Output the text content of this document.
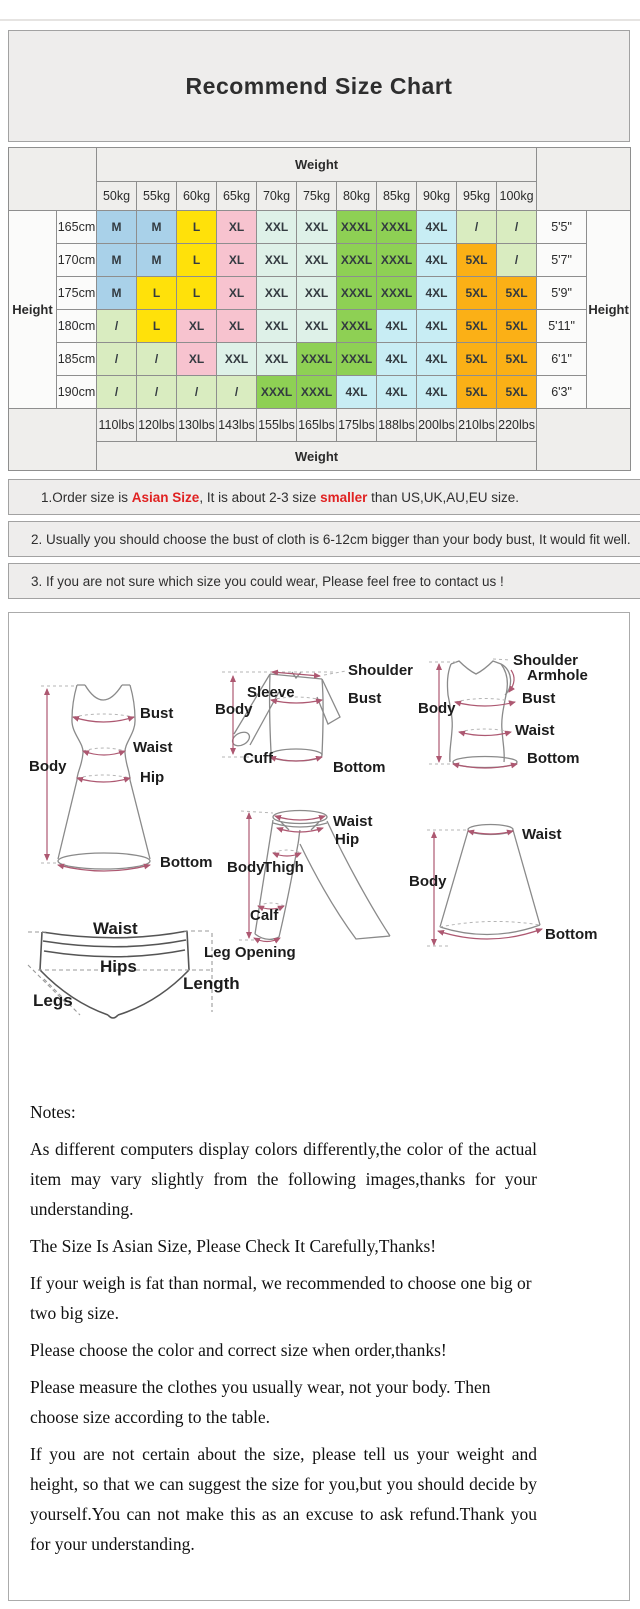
Recommend Size Chart
		Weight												
		50kg	55kg	60kg	65kg	70kg	75kg	80kg	85kg	90kg	95kg	100kg		
Height	165cm	M	M	L	XL	XXL	XXL	XXXL	XXXL	4XL	/	/	5'5"	Height
	170cm	M	M	L	XL	XXL	XXL	XXXL	XXXL	4XL	5XL	/	5'7"	
	175cm	M	L	L	XL	XXL	XXL	XXXL	XXXL	4XL	5XL	5XL	5'9"	
	180cm	/	L	XL	XL	XXL	XXL	XXXL	4XL	4XL	5XL	5XL	5'11"	
	185cm	/	/	XL	XXL	XXL	XXXL	XXXL	4XL	4XL	5XL	5XL	6'1"	
	190cm	/	/	/	/	XXXL	XXXL	4XL	4XL	4XL	5XL	5XL	6'3"	
		110lbs	120lbs	130lbs	143lbs	155lbs	165lbs	175lbs	188lbs	200lbs	210lbs	220lbs		
		Weight												
1.Order size is Asian Size, It is about 2-3 size smaller than US,UK,AU,EU size.
2. Usually you should choose the bust of cloth is 6-12cm bigger than your body bust, It would fit well.
3. If you are not sure which size you could wear, Please feel free to contact us !
Body
Bust
Waist
Hip
Bottom
Sleeve
Body
Cuff
Shoulder
Bust
Bottom
Shoulder
Armhole
Body
Bust
Waist
Bottom
Waist
Hip
Body
Thigh
Calf
Leg Opening
Waist
Body
Bottom
Waist
Hips
Legs
Length

Notes:

As different computers display colors differently,the color of the actual item may vary slightly from the following images,thanks for your understanding.

The Size Is Asian Size, Please Check It Carefully,Thanks!

If your weigh is fat than normal, we recommended to choose one big or two big size.

Please choose the color and correct size when order,thanks!

Please measure the clothes you usually wear, not your body. Then choose size according to the table.

If you are not certain about the size, please tell us your weight and height, so that we can suggest the size for you,but you should decide by yourself.You can not make this as an excuse to ask refund.Thank you for your understanding.
